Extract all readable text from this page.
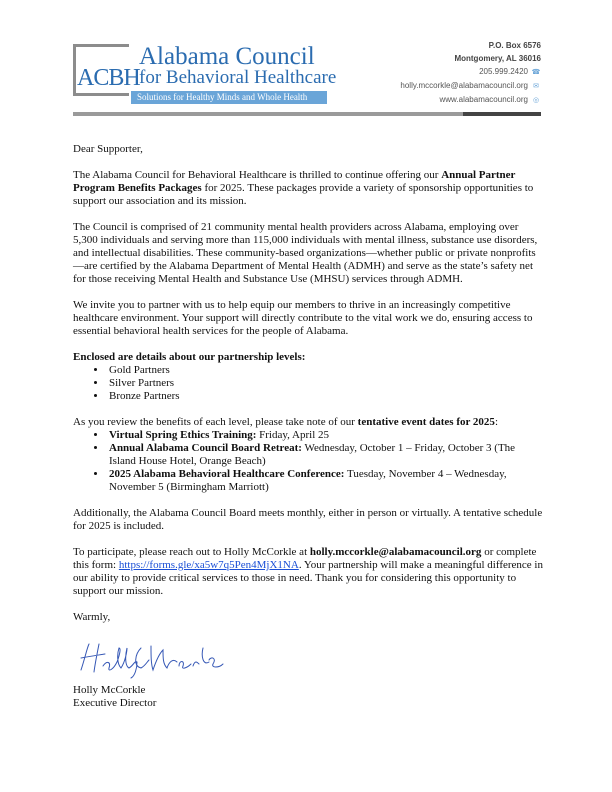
ACBH
Alabama Council
for Behavioral Healthcare
Solutions for Healthy Minds and Whole Health
P.O. Box 6576
Montgomery, AL 36016
205.999.2420 ☎
holly.mccorkle@alabamacouncil.org ✉
www.alabamacouncil.org ◎

Dear Supporter,

The Alabama Council for Behavioral Healthcare is thrilled to continue offering our Annual Partner Program Benefits Packages for 2025. These packages provide a variety of sponsorship opportunities to support our association and its mission.

The Council is comprised of 21 community mental health providers across Alabama, employing over 5,300 individuals and serving more than 115,000 individuals with mental illness, substance use disorders, and intellectual disabilities. These community-based organizations—whether public or private nonprofits—are certified by the Alabama Department of Mental Health (ADMH) and serve as the state’s safety net for those receiving Mental Health and Substance Use (MHSU) services through ADMH.

We invite you to partner with us to help equip our members to thrive in an increasingly competitive healthcare environment. Your support will directly contribute to the vital work we do, ensuring access to essential behavioral health services for the people of Alabama.

Enclosed are details about our partnership levels:
• Gold Partners
• Silver Partners
• Bronze Partners
As you review the benefits of each level, please take note of our tentative event dates for 2025:
• Virtual Spring Ethics Training: Friday, April 25
• Annual Alabama Council Board Retreat: Wednesday, October 1 – Friday, October 3 (The Island House Hotel, Orange Beach)
• 2025 Alabama Behavioral Healthcare Conference: Tuesday, November 4 – Wednesday, November 5 (Birmingham Marriott)

Additionally, the Alabama Council Board meets monthly, either in person or virtually. A tentative schedule for 2025 is included.

To participate, please reach out to Holly McCorkle at holly.mccorkle@alabamacouncil.org or complete this form: https://forms.gle/xa5w7q5Pen4MjX1NA. Your partnership will make a meaningful difference in our ability to provide critical services to those in need. Thank you for considering this opportunity to support our mission.

Warmly,

Holly McCorkle
Executive Director
